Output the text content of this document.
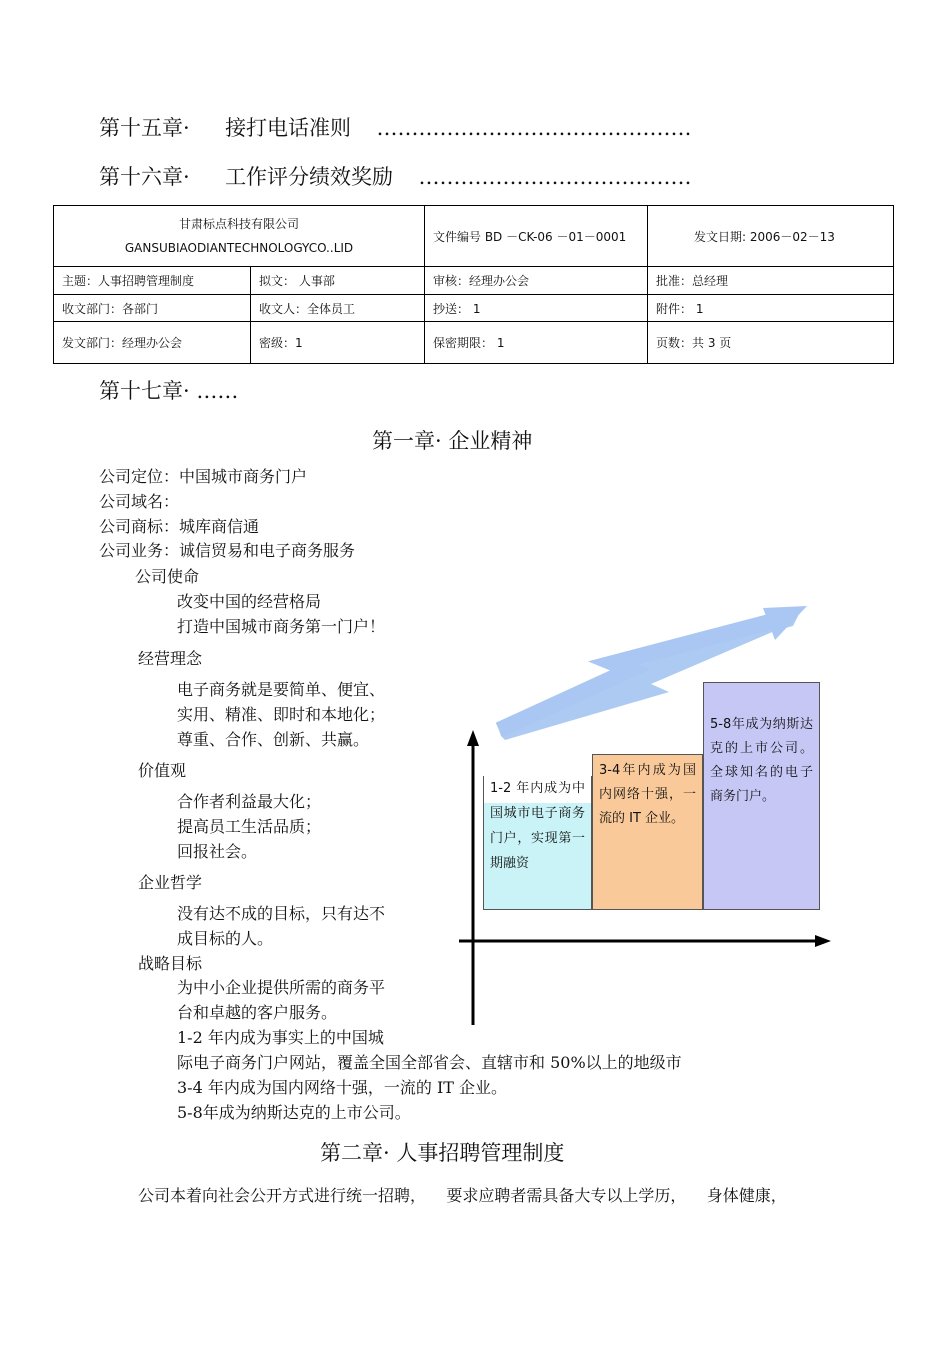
第十五章· 接打电话准则 ………………………………………
第十六章· 工作评分绩效奖励 …………………………………
甘肃标点科技有限公司
GANSUBIAODIANTECHNOLOGYCO..LID		文件编号 BD －CK-06 －01－0001	发文日期: 2006－02－13
主题：人事招聘管理制度	拟文： 人事部	审核：经理办公会	批准：总经理
收文部门：各部门	收文人：全体员工	抄送： 1	附件： 1
发文部门：经理办公会	密级：1	保密期限： 1	页数：共 3 页
第十七章· ……
第一章· 企业精神
公司定位：中国城市商务门户
公司域名：
公司商标：城库商信通
公司业务：诚信贸易和电子商务服务
公司使命
改变中国的经营格局
打造中国城市商务第一门户！
经营理念
电子商务就是要简单、便宜、
实用、精准、即时和本地化；
尊重、合作、创新、共赢。
价值观
合作者利益最大化；
提高员工生活品质；
回报社会。
企业哲学
没有达不成的目标，只有达不
成目标的人。
战略目标
为中小企业提供所需的商务平
台和卓越的客户服务。
1-2 年内成为事实上的中国城
际电子商务门户网站，覆盖全国全部省会、直辖市和 50%以上的地级市
3-4 年内成为国内网络十强，一流的 IT 企业。
5-8年成为纳斯达克的上市公司。
1-2 年内成为中国城市电子商务门户，实现第一期融资
3-4年内成为国内网络十强，一流的 IT 企业。
5-8年成为纳斯达克的上市公司。全球知名的电子商务门户。
第二章· 人事招聘管理制度
公司本着向社会公开方式进行统一招聘，    要求应聘者需具备大专以上学历，    身体健康，
